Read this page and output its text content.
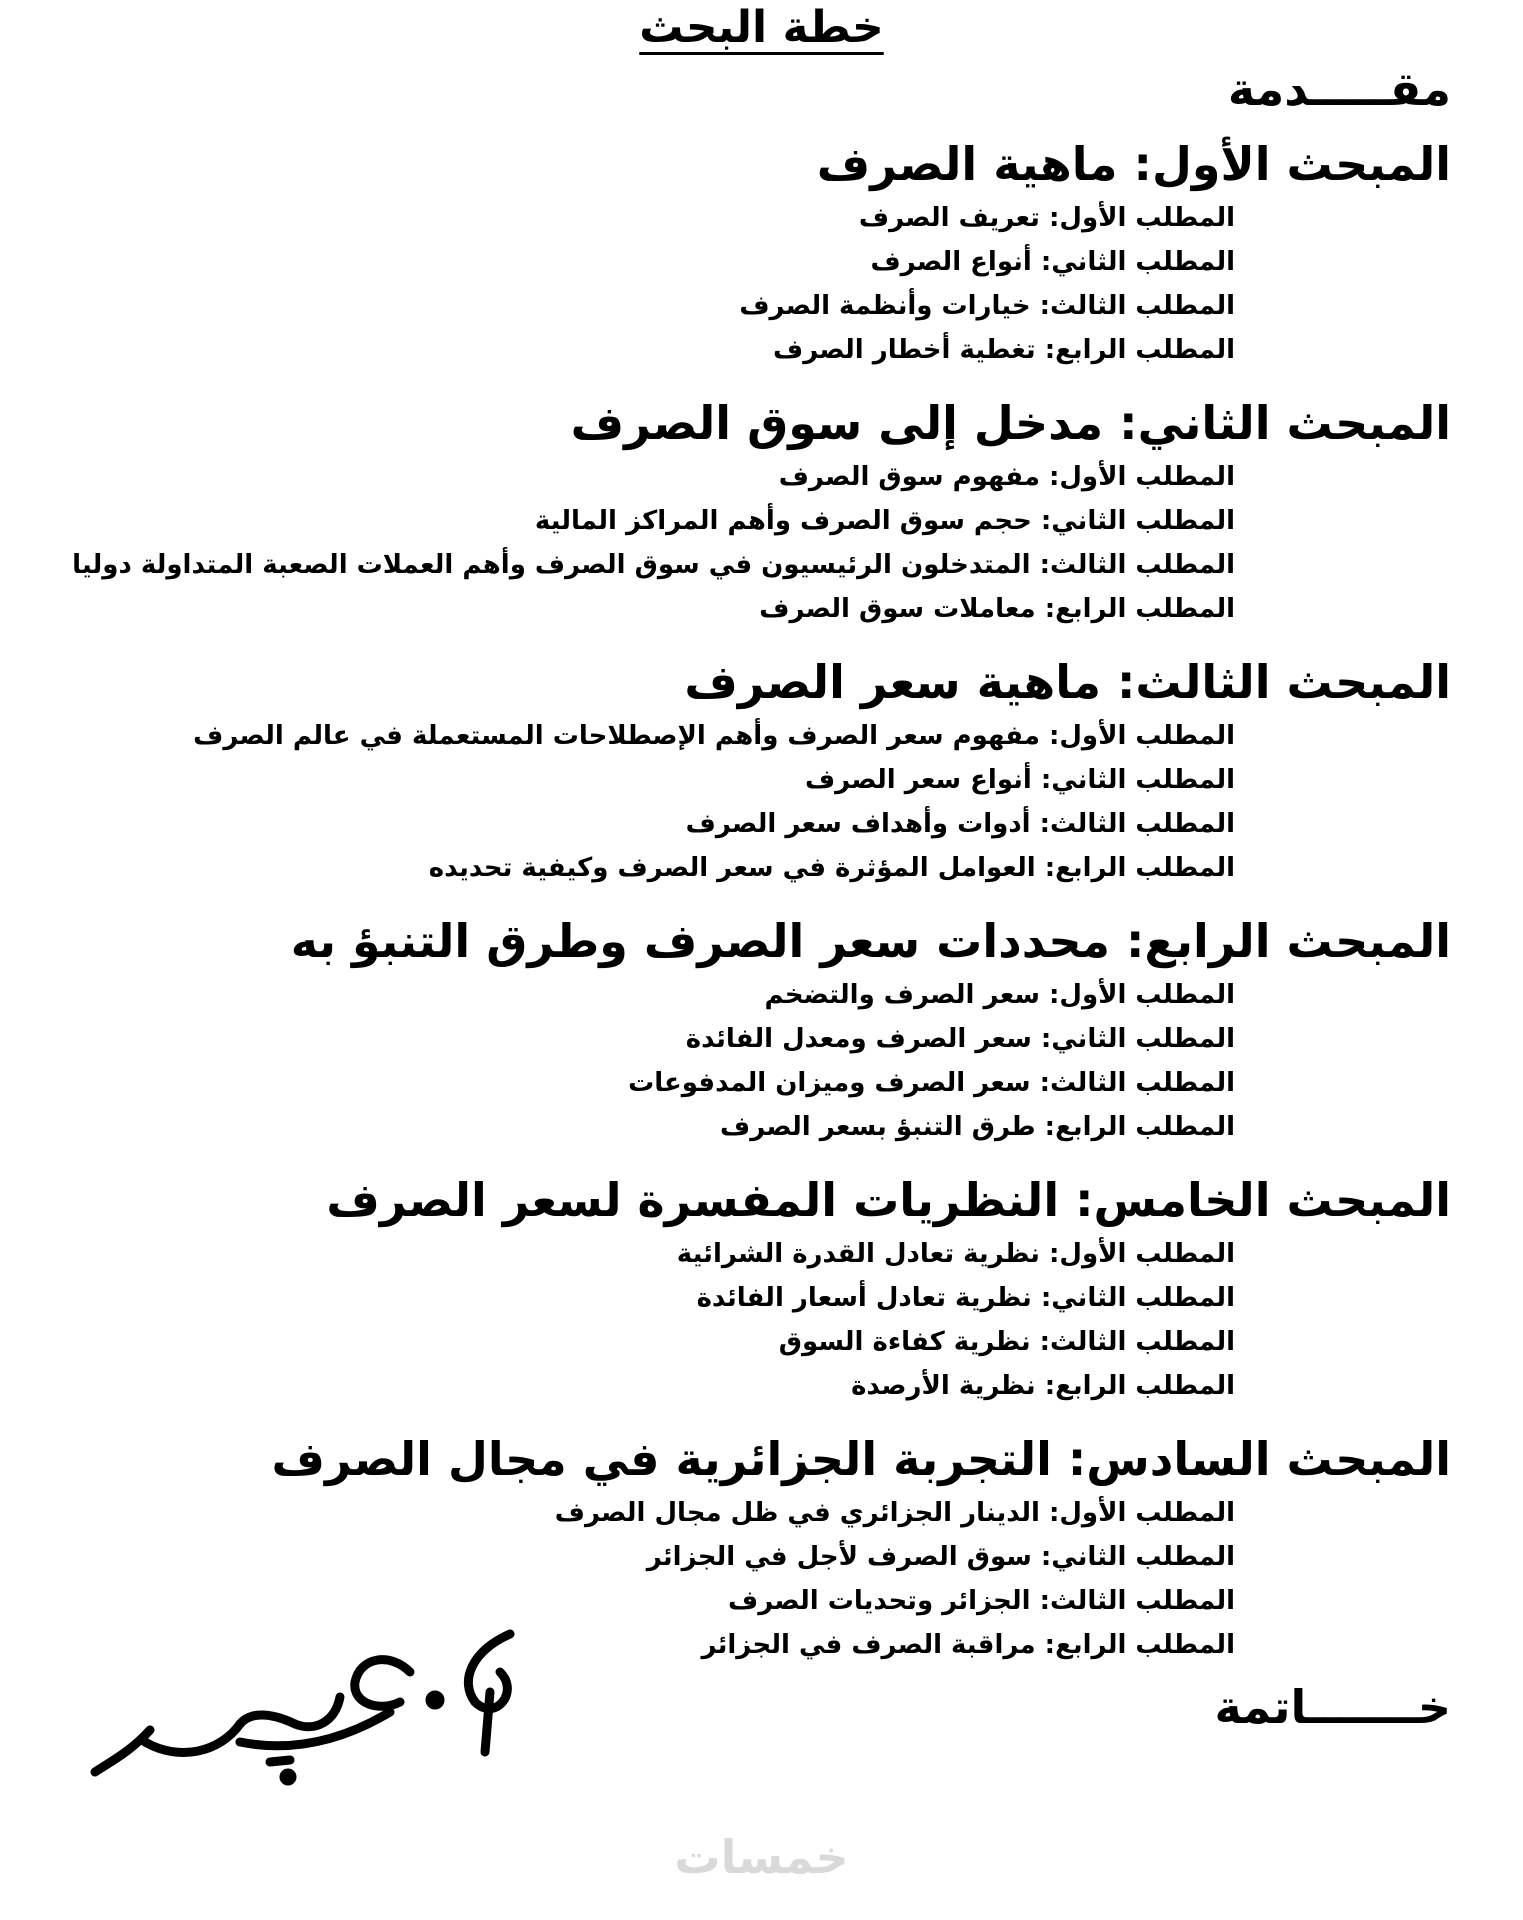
خطة البحث
مقـــــدمة
المبحث الأول: ماهية الصرف
المطلب الأول: تعريف الصرف
المطلب الثاني: أنواع الصرف
المطلب الثالث: خيارات وأنظمة الصرف
المطلب الرابع: تغطية أخطار الصرف
المبحث الثاني: مدخل إلى سوق الصرف
المطلب الأول: مفهوم سوق الصرف
المطلب الثاني: حجم سوق الصرف وأهم المراكز المالية
المطلب الثالث: المتدخلون الرئيسيون في سوق الصرف وأهم العملات الصعبة المتداولة دوليا
المطلب الرابع: معاملات سوق الصرف
المبحث الثالث: ماهية سعر الصرف
المطلب الأول: مفهوم سعر الصرف وأهم الإصطلاحات المستعملة في عالم الصرف
المطلب الثاني: أنواع سعر الصرف
المطلب الثالث: أدوات وأهداف سعر الصرف
المطلب الرابع: العوامل المؤثرة في سعر الصرف وكيفية تحديده
المبحث الرابع: محددات سعر الصرف وطرق التنبؤ به
المطلب الأول: سعر الصرف والتضخم
المطلب الثاني: سعر الصرف ومعدل الفائدة
المطلب الثالث: سعر الصرف وميزان المدفوعات
المطلب الرابع: طرق التنبؤ بسعر الصرف
المبحث الخامس: النظريات المفسرة لسعر الصرف
المطلب الأول: نظرية تعادل القدرة الشرائية
المطلب الثاني: نظرية تعادل أسعار الفائدة
المطلب الثالث: نظرية كفاءة السوق
المطلب الرابع: نظرية الأرصدة
المبحث السادس: التجربة الجزائرية في مجال الصرف
المطلب الأول: الدينار الجزائري في ظل مجال الصرف
المطلب الثاني: سوق الصرف لأجل في الجزائر
المطلب الثالث: الجزائر وتحديات الصرف
المطلب الرابع: مراقبة الصرف في الجزائر
خـــــــاتمة
خمسات
